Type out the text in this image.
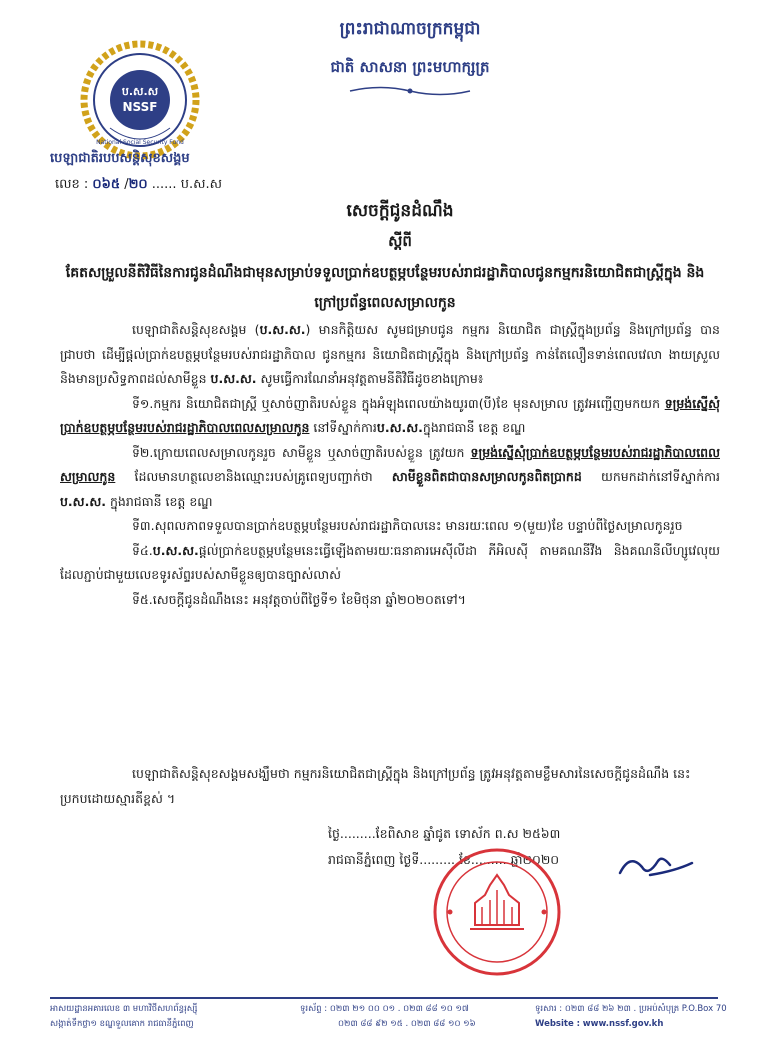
ព្រះរាជាណាចក្រកម្ពុជា
ជាតិ សាសនា ព្រះមហាក្សត្រ
ប.ស.ស
NSSF
National Social Security Fund
បេឡាជាតិរបបសន្តិសុខសង្គម
លេខ : ០៦៥ /២០ ...... ប.ស.ស
សេចក្តីជូនដំណឹង
ស្តីពី
គែតសម្រួលនីតិវិធីនៃការជូនដំណឹងជាមុនសម្រាប់ទទួលប្រាក់ឧបត្ថម្ភបន្ថែមរបស់រាជរដ្ឋាភិបាលជូនកម្មករនិយោជិតជាស្ត្រីក្នុង និងក្រៅប្រព័ន្ធពេលសម្រាលកូន

បេឡាជាតិសន្តិសុខសង្គម (ប.ស.ស.) មានកិត្តិយស សូមជម្រាបជូន កម្មករ និយោជិត ជាស្ត្រីក្នុងប្រព័ន្ធ និងក្រៅប្រព័ន្ធ បានជ្រាបថា ដើម្បីផ្តល់ប្រាក់ឧបត្ថម្ភបន្ថែមរបស់រាជរដ្ឋាភិបាល ជូនកម្មករ និយោជិតជាស្ត្រីក្នុង និងក្រៅប្រព័ន្ធ កាន់តែលឿនទាន់ពេលវេលា ងាយស្រួល និងមានប្រសិទ្ធភាពដល់សាមីខ្លួន ប.ស.ស. សូមធ្វើការណែនាំអនុវត្តតាមនីតិវិធីដូចខាងក្រោម៖

ទី១.កម្មករ និយោជិតជាស្ត្រី ឬសាច់ញាតិរបស់ខ្លួន ក្នុងអំឡុងពេលយ៉ាងយូរ៣(បី)ខែ មុនសម្រាល ត្រូវអញ្ជើញមកយក ទម្រង់ស្នើសុំប្រាក់ឧបត្ថម្ភបន្ថែមរបស់រាជរដ្ឋាភិបាលពេលសម្រាលកូន នៅទីស្នាក់ការប.ស.ស.ក្នុងរាជធានី ខេត្ត ខណ្ឌ

ទី២.ក្រោយពេលសម្រាលកូនរួច សាមីខ្លួន ឬសាច់ញាតិរបស់ខ្លួន ត្រូវយក ទម្រង់ស្នើសុំប្រាក់ឧបត្ថម្ភបន្ថែមរបស់រាជរដ្ឋាភិបាលពេលសម្រាលកូន ដែលមានហត្ថលេខានិងឈ្មោះរបស់គ្រូពេទ្យបញ្ជាក់ថា សាមីខ្លួនពិតជាបានសម្រាលកូនពិតប្រាកដ យកមកដាក់នៅទីស្នាក់ការ ប.ស.ស. ក្នុងរាជធានី ខេត្ត ខណ្ឌ

ទី៣.សុពលភាពទទួលបានប្រាក់ឧបត្ថម្ភបន្ថែមរបស់រាជរដ្ឋាភិបាលនេះ មានរយៈពេល ១(មួយ)ខែ បន្ទាប់ពីថ្ងៃសម្រាលកូនរួច

ទី៤.ប.ស.ស.ផ្តល់ប្រាក់ឧបត្ថម្ភបន្ថែមនេះធ្វើឡើងតាមរយៈធនាគារអេស៊ីលីដា ភីអិលស៊ី តាមគណនីវីង និងគណនីលីហ្សូវេលុយ ដែលភ្ជាប់ជាមួយលេខទូរស័ព្ទរបស់សាមីខ្លួនឲ្យបានច្បាស់លាស់

ទី៥.សេចក្តីជូនដំណឹងនេះ អនុវត្តចាប់ពីថ្ងៃទី១ ខែមិថុនា ឆ្នាំ២០២០តទៅ។

បេឡាជាតិសន្តិសុខសង្គមសង្ឃឹមថា កម្មករនិយោជិតជាស្ត្រីក្នុង និងក្រៅប្រព័ន្ធ ត្រូវអនុវត្តតាមខ្លឹមសារនៃសេចក្តីជូនដំណឹង នេះប្រកបដោយស្មារតីខ្ពស់ ។
ថ្ងៃ.........ខែពិសាខ ឆ្នាំជូត ទោស័ក ព.ស ២៥៦៣
រាជធានីភ្នំពេញ ថ្ងៃទី......... ខែ......... ឆ្នាំ២០២០
អាសយដ្ឋានអគារលេខ ៣ មហាវិថីសហព័ន្ធរុស្ស៊ី
សង្កាត់ទឹកថ្លា១ ខណ្ឌទួលគោក រាជធានីភ្នំពេញ
ទូរស័ព្ទ : ០២៣ ២១ ០០ ០១ . ០២៣ ៨៨ ១០ ១៧
០២៣ ៨៨ ៩២ ១៥ . ០២៣ ៨៨ ១០ ១៦
ទូរសារ : ០២៣ ៨៨ ២៦ ២៣ . ប្រអប់សំបុត្រ P.O.Box 70
Website : www.nssf.gov.kh
